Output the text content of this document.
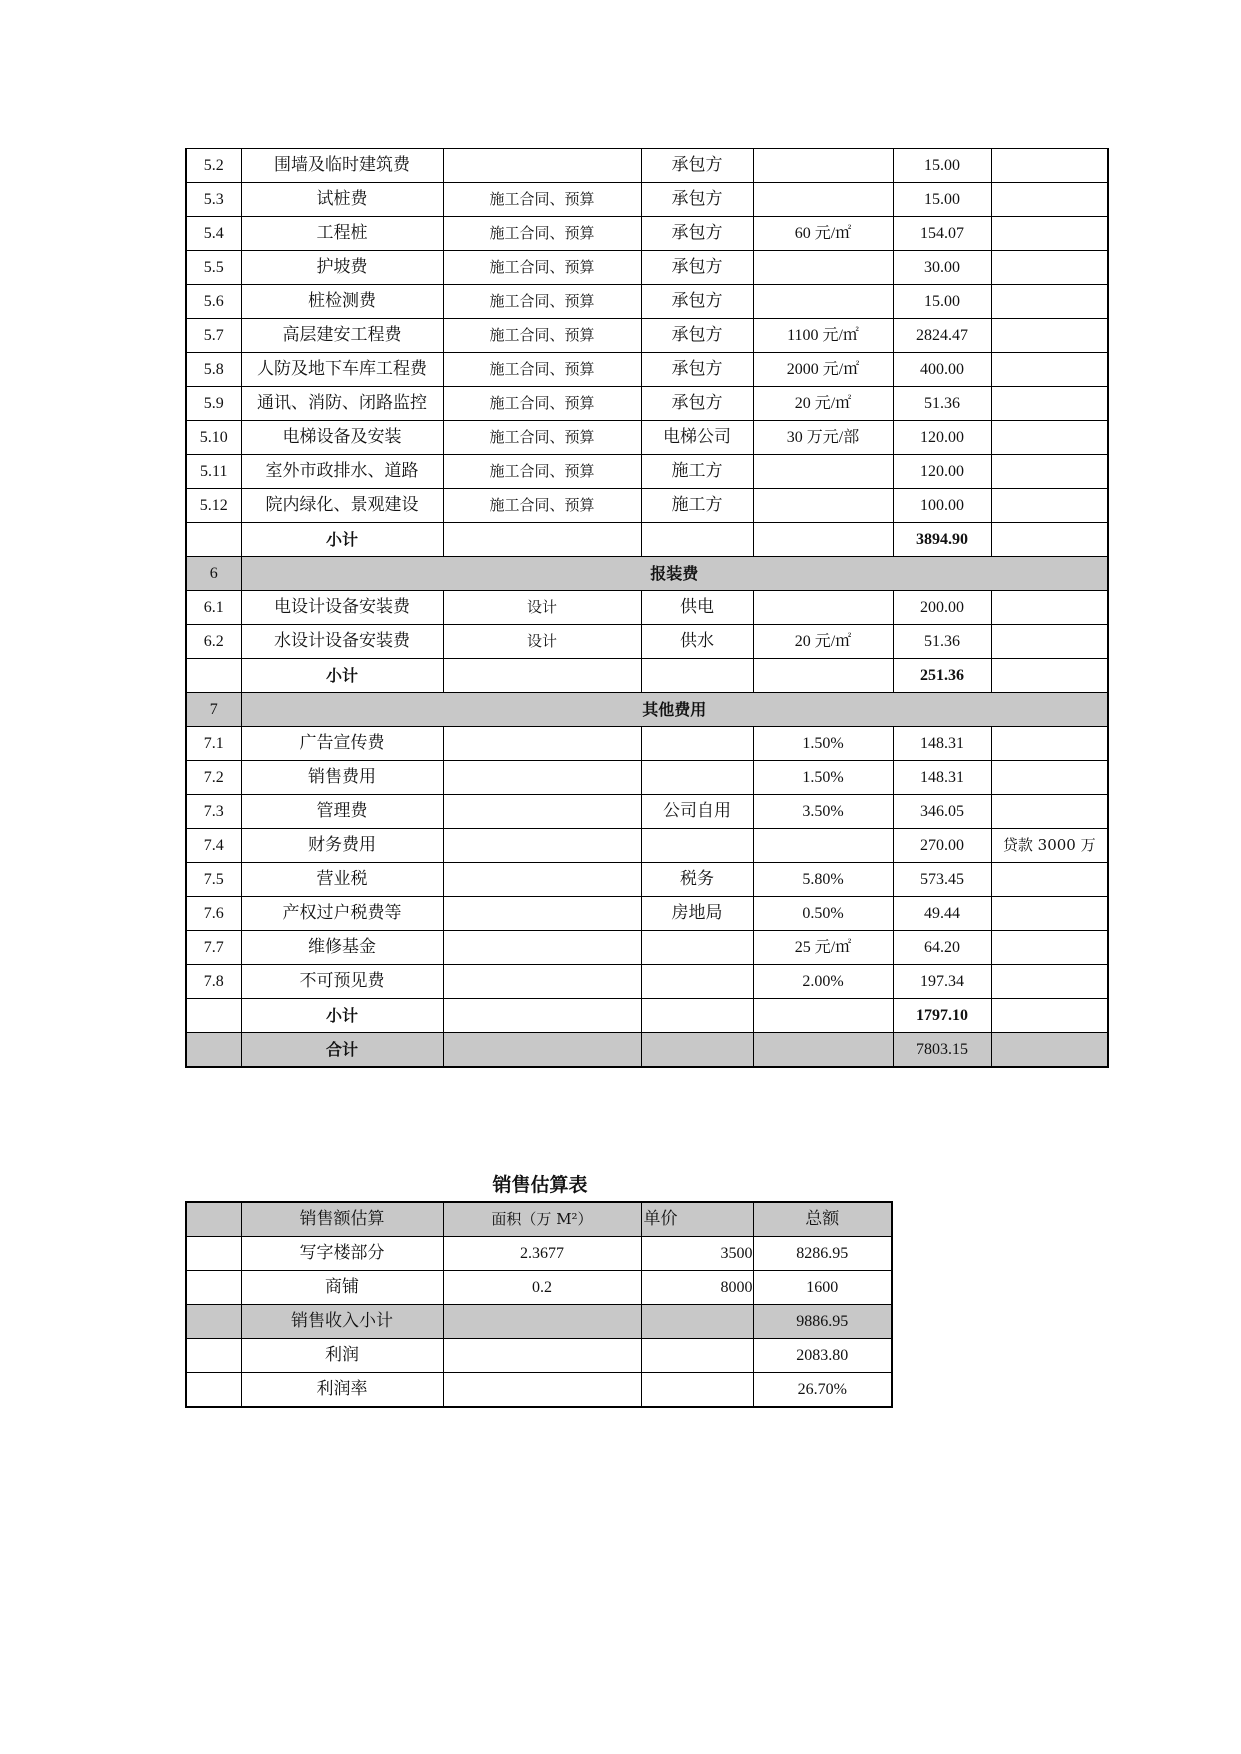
5.2	围墙及临时建筑费		承包方		15.00	
5.3	试桩费	施工合同、预算	承包方		15.00	
5.4	工程桩	施工合同、预算	承包方	60 元/㎡	154.07	
5.5	护坡费	施工合同、预算	承包方		30.00	
5.6	桩检测费	施工合同、预算	承包方		15.00	
5.7	高层建安工程费	施工合同、预算	承包方	1100 元/㎡	2824.47	
5.8	人防及地下车库工程费	施工合同、预算	承包方	2000 元/㎡	400.00	
5.9	通讯、消防、闭路监控	施工合同、预算	承包方	20 元/㎡	51.36	
5.10	电梯设备及安装	施工合同、预算	电梯公司	30 万元/部	120.00	
5.11	室外市政排水、道路	施工合同、预算	施工方		120.00	
5.12	院内绿化、景观建设	施工合同、预算	施工方		100.00	
	小计				3894.90	
6	报装费					
6.1	电设计设备安装费	设计	供电		200.00	
6.2	水设计设备安装费	设计	供水	20 元/㎡	51.36	
	小计				251.36	
7	其他费用					
7.1	广告宣传费			1.50%	148.31	
7.2	销售费用			1.50%	148.31	
7.3	管理费		公司自用	3.50%	346.05	
7.4	财务费用				270.00	贷款 3000 万
7.5	营业税		税务	5.80%	573.45	
7.6	产权过户税费等		房地局	0.50%	49.44	
7.7	维修基金			25 元/㎡	64.20	
7.8	不可预见费			2.00%	197.34	
	小计				1797.10	
	合计				7803.15	
销售估算表
	销售额估算	面积（万 M²）	单价	总额
	写字楼部分	2.3677	3500	8286.95
	商铺	0.2	8000	1600
	销售收入小计			9886.95
	利润			2083.80
	利润率			26.70%
